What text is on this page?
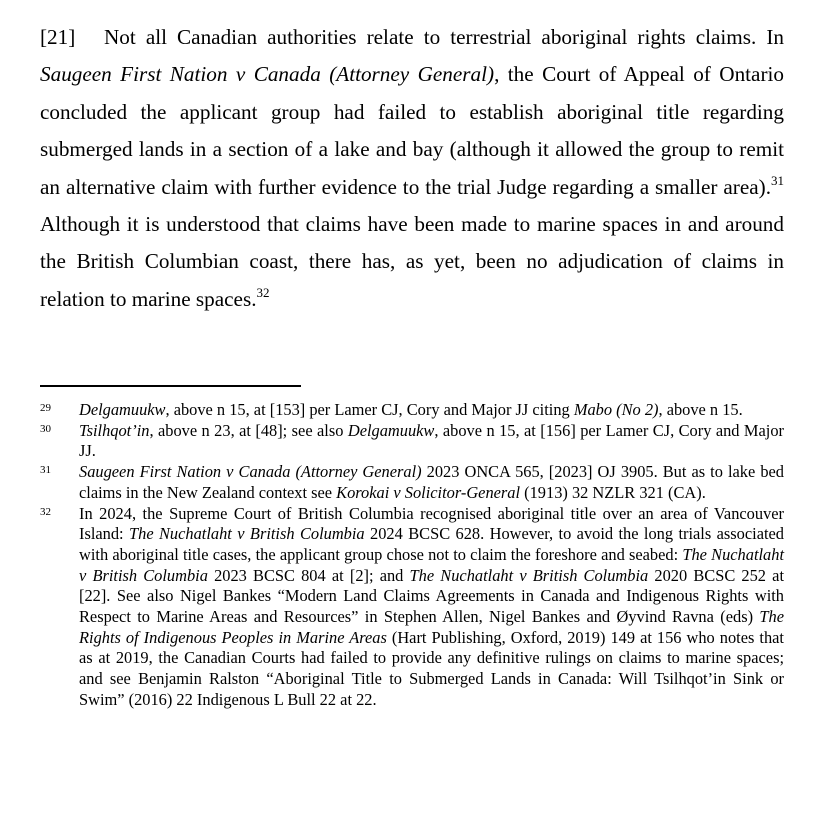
[21] Not all Canadian authorities relate to terrestrial aboriginal rights claims. In Saugeen First Nation v Canada (Attorney General), the Court of Appeal of Ontario concluded the applicant group had failed to establish aboriginal title regarding submerged lands in a section of a lake and bay (although it allowed the group to remit an alternative claim with further evidence to the trial Judge regarding a smaller area).$^{31}$ Although it is understood that claims have been made to marine spaces in and around the British Columbian coast, there has, as yet, been no adjudication of claims in relation to marine spaces.$^{32}$

29 Delgamuukw, above n 15, at [153] per Lamer CJ, Cory and Major JJ citing Mabo (No 2), above n 15.
30 Tsilhqot’in, above n 23, at [48]; see also Delgamuukw, above n 15, at [156] per Lamer CJ, Cory and Major JJ.
31 Saugeen First Nation v Canada (Attorney General) 2023 ONCA 565, [2023] OJ 3905. But as to lake bed claims in the New Zealand context see Korokai v Solicitor-General (1913) 32 NZLR 321 (CA).
32 In 2024, the Supreme Court of British Columbia recognised aboriginal title over an area of Vancouver Island: The Nuchatlaht v British Columbia 2024 BCSC 628. However, to avoid the long trials associated with aboriginal title cases, the applicant group chose not to claim the foreshore and seabed: The Nuchatlaht v British Columbia 2023 BCSC 804 at [2]; and The Nuchatlaht v British Columbia 2020 BCSC 252 at [22]. See also Nigel Bankes “Modern Land Claims Agreements in Canada and Indigenous Rights with Respect to Marine Areas and Resources” in Stephen Allen, Nigel Bankes and Øyvind Ravna (eds) The Rights of Indigenous Peoples in Marine Areas (Hart Publishing, Oxford, 2019) 149 at 156 who notes that as at 2019, the Canadian Courts had failed to provide any definitive rulings on claims to marine spaces; and see Benjamin Ralston “Aboriginal Title to Submerged Lands in Canada: Will Tsilhqot’in Sink or Swim” (2016) 22 Indigenous L Bull 22 at 22.
